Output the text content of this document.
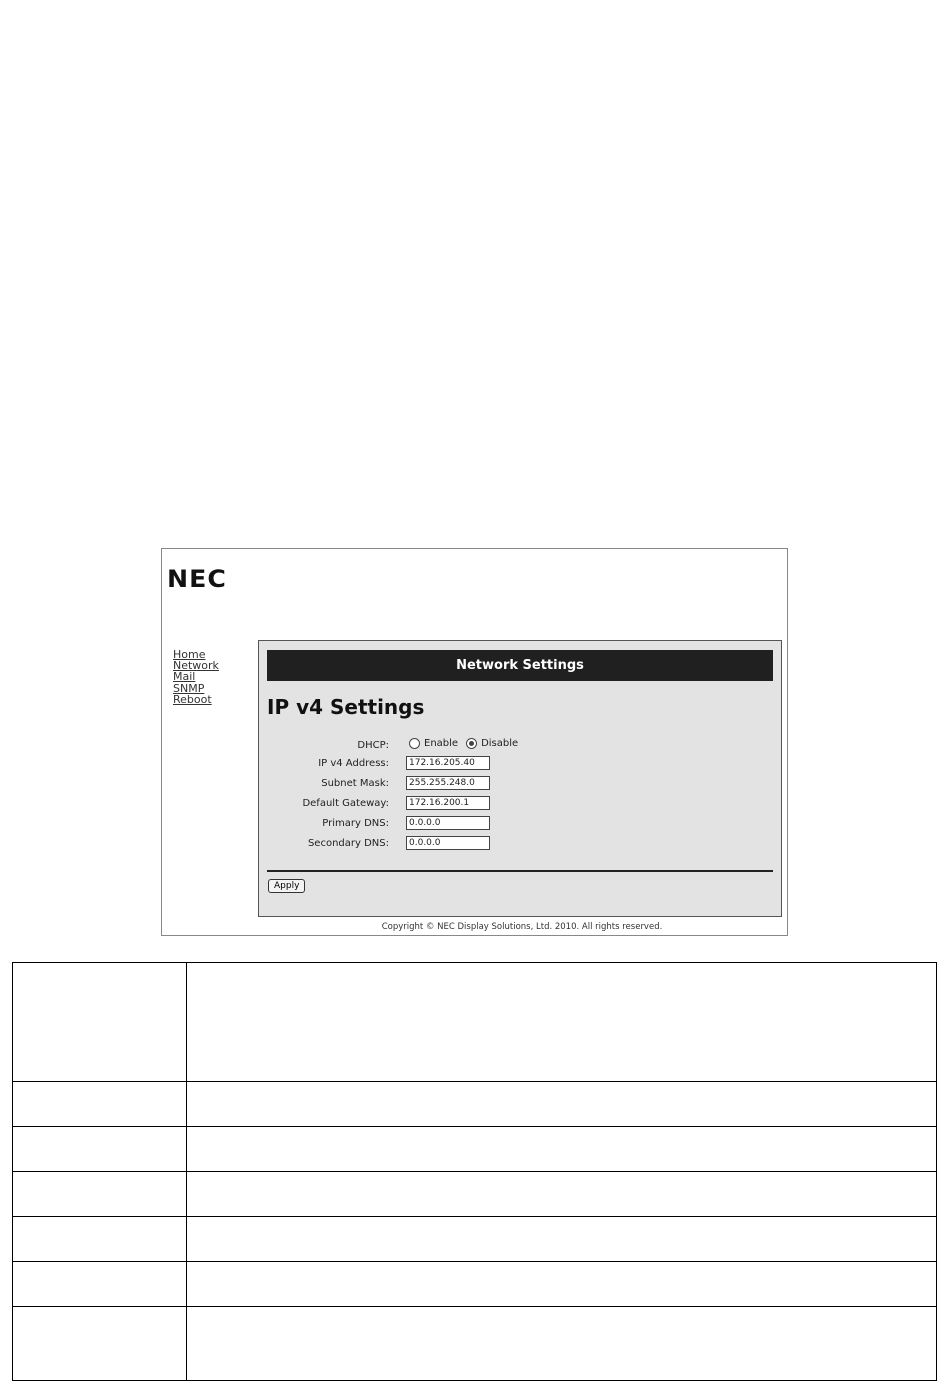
NEC
Home
Network
Mail
SNMP
Reboot
Network Settings
IP v4 Settings
DHCP:	Enable Disable
IP v4 Address:
172.16.205.40
Subnet Mask:
255.255.248.0
Default Gateway:
172.16.200.1
Primary DNS:
0.0.0.0
Secondary DNS:
0.0.0.0
Apply
Copyright © NEC Display Solutions, Ltd. 2010. All rights reserved.
